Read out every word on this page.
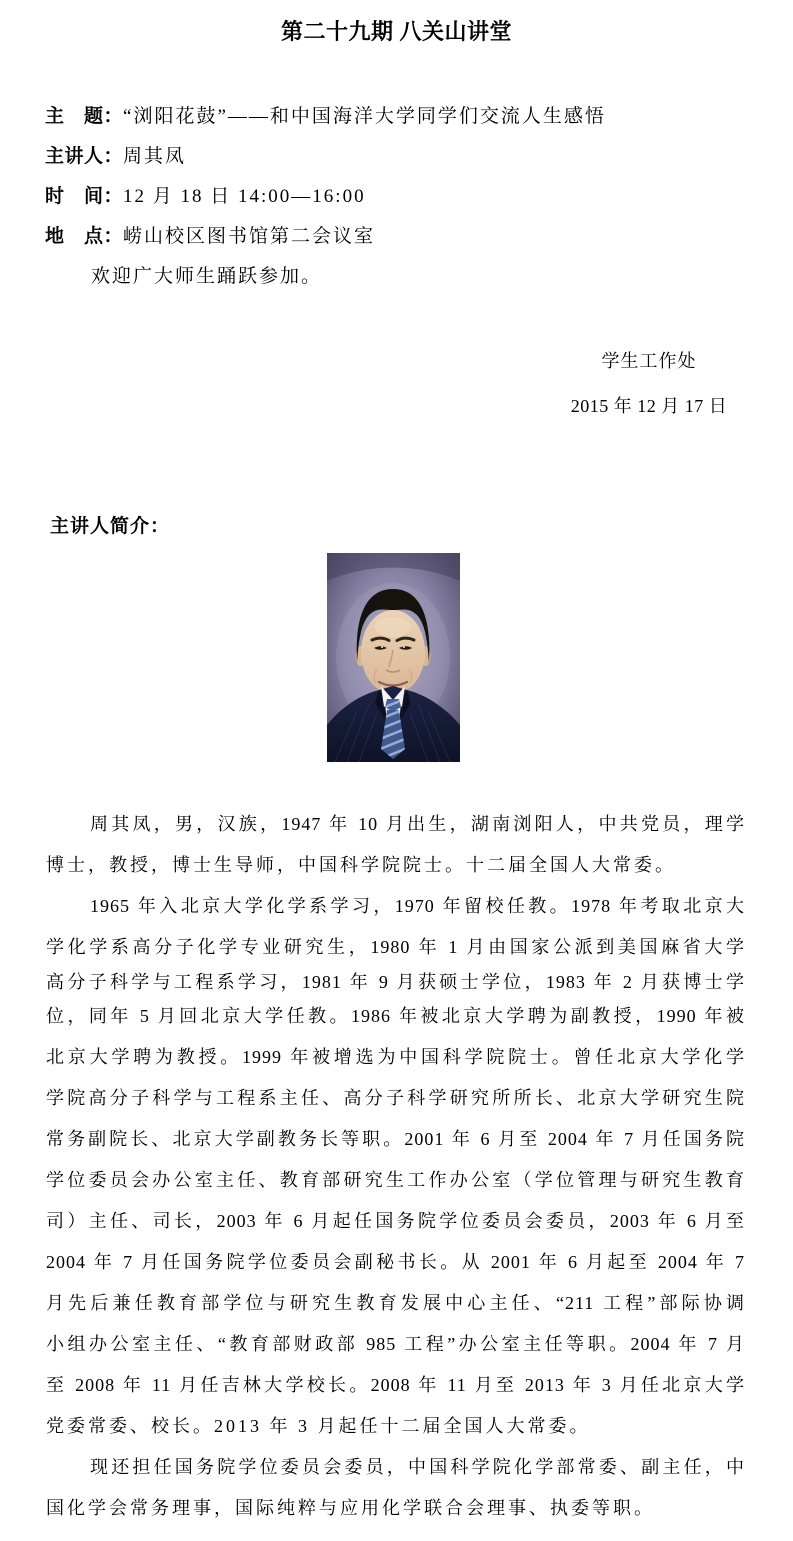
第二十九期 八关山讲堂
主　题：“浏阳花鼓”——和中国海洋大学同学们交流人生感悟
主讲人：周其凤
时　间：12 月 18 日 14:00—16:00
地　点：崂山校区图书馆第二会议室
欢迎广大师生踊跃参加。
学生工作处
2015 年 12 月 17 日
主讲人简介：
周其凤，男，汉族，1947 年 10 月出生，湖南浏阳人，中共党员，理学
博士，教授，博士生导师，中国科学院院士。十二届全国人大常委。
1965 年入北京大学化学系学习，1970 年留校任教。1978 年考取北京大
学化学系高分子化学专业研究生，1980 年 1 月由国家公派到美国麻省大学
高分子科学与工程系学习，1981 年 9 月获硕士学位，1983 年 2 月获博士学
位，同年 5 月回北京大学任教。1986 年被北京大学聘为副教授，1990 年被
北京大学聘为教授。1999 年被增选为中国科学院院士。曾任北京大学化学
学院高分子科学与工程系主任、高分子科学研究所所长、北京大学研究生院
常务副院长、北京大学副教务长等职。2001 年 6 月至 2004 年 7 月任国务院
学位委员会办公室主任、教育部研究生工作办公室（学位管理与研究生教育
司）主任、司长，2003 年 6 月起任国务院学位委员会委员，2003 年 6 月至
2004 年 7 月任国务院学位委员会副秘书长。从 2001 年 6 月起至 2004 年 7
月先后兼任教育部学位与研究生教育发展中心主任、“211 工程”部际协调
小组办公室主任、“教育部财政部 985 工程”办公室主任等职。2004 年 7 月
至 2008 年 11 月任吉林大学校长。2008 年 11 月至 2013 年 3 月任北京大学
党委常委、校长。2013 年 3 月起任十二届全国人大常委。
现还担任国务院学位委员会委员，中国科学院化学部常委、副主任，中
国化学会常务理事，国际纯粹与应用化学联合会理事、执委等职。
